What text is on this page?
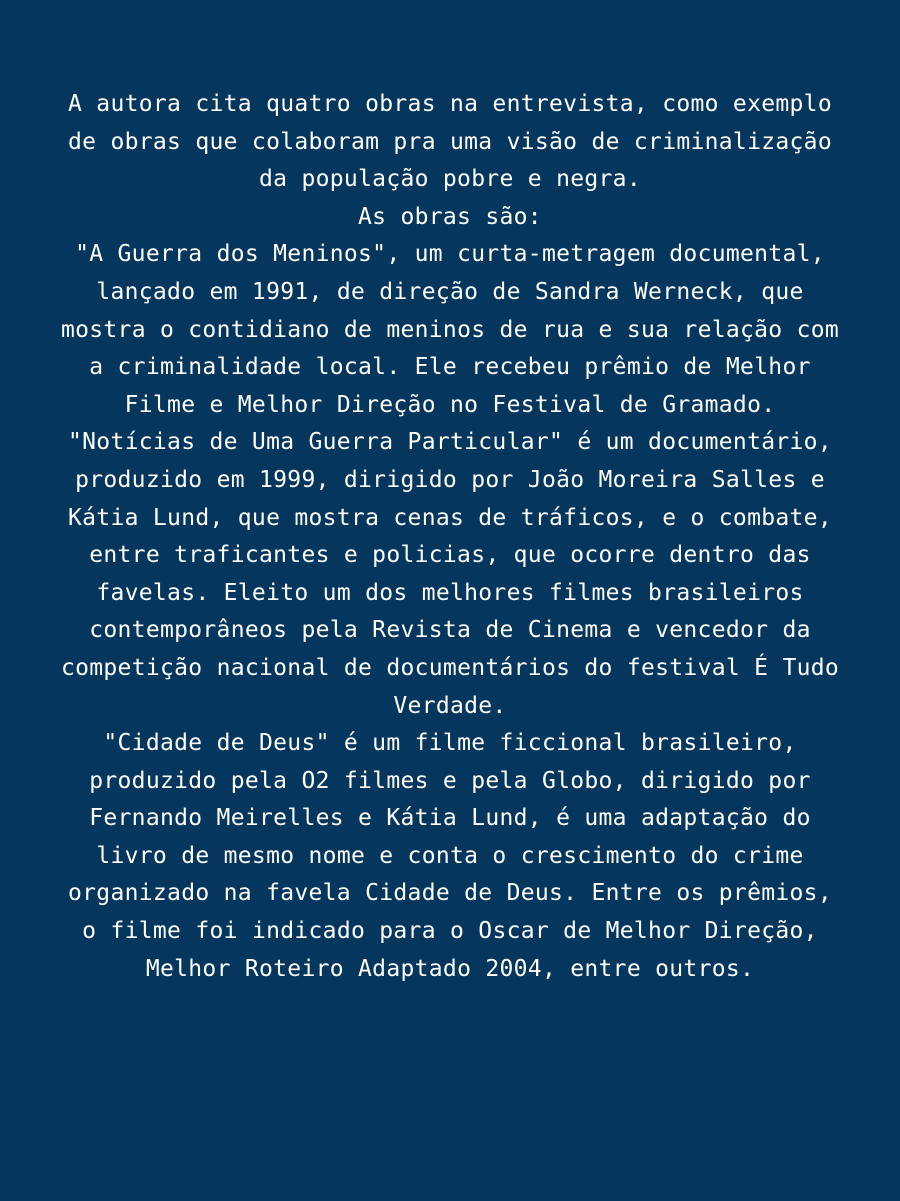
A autora cita quatro obras na entrevista, como exemplo de obras que colaboram pra uma visão de criminalização da população pobre e negra.

As obras são:

"A Guerra dos Meninos", um curta-metragem documental, lançado em 1991, de direção de Sandra Werneck, que mostra o contidiano de meninos de rua e sua relação com a criminalidade local. Ele recebeu prêmio de Melhor Filme e Melhor Direção no Festival de Gramado.

"Notícias de Uma Guerra Particular" é um documentário, produzido em 1999, dirigido por João Moreira Salles e Kátia Lund, que mostra cenas de tráficos, e o combate, entre traficantes e policias, que ocorre dentro das favelas. Eleito um dos melhores filmes brasileiros contemporâneos pela Revista de Cinema e vencedor da competição nacional de documentários do festival É Tudo Verdade.

"Cidade de Deus" é um filme ficcional brasileiro, produzido pela O2 filmes e pela Globo, dirigido por Fernando Meirelles e Kátia Lund, é uma adaptação do livro de mesmo nome e conta o crescimento do crime organizado na favela Cidade de Deus. Entre os prêmios, o filme foi indicado para o Oscar de Melhor Direção, Melhor Roteiro Adaptado 2004, entre outros.
